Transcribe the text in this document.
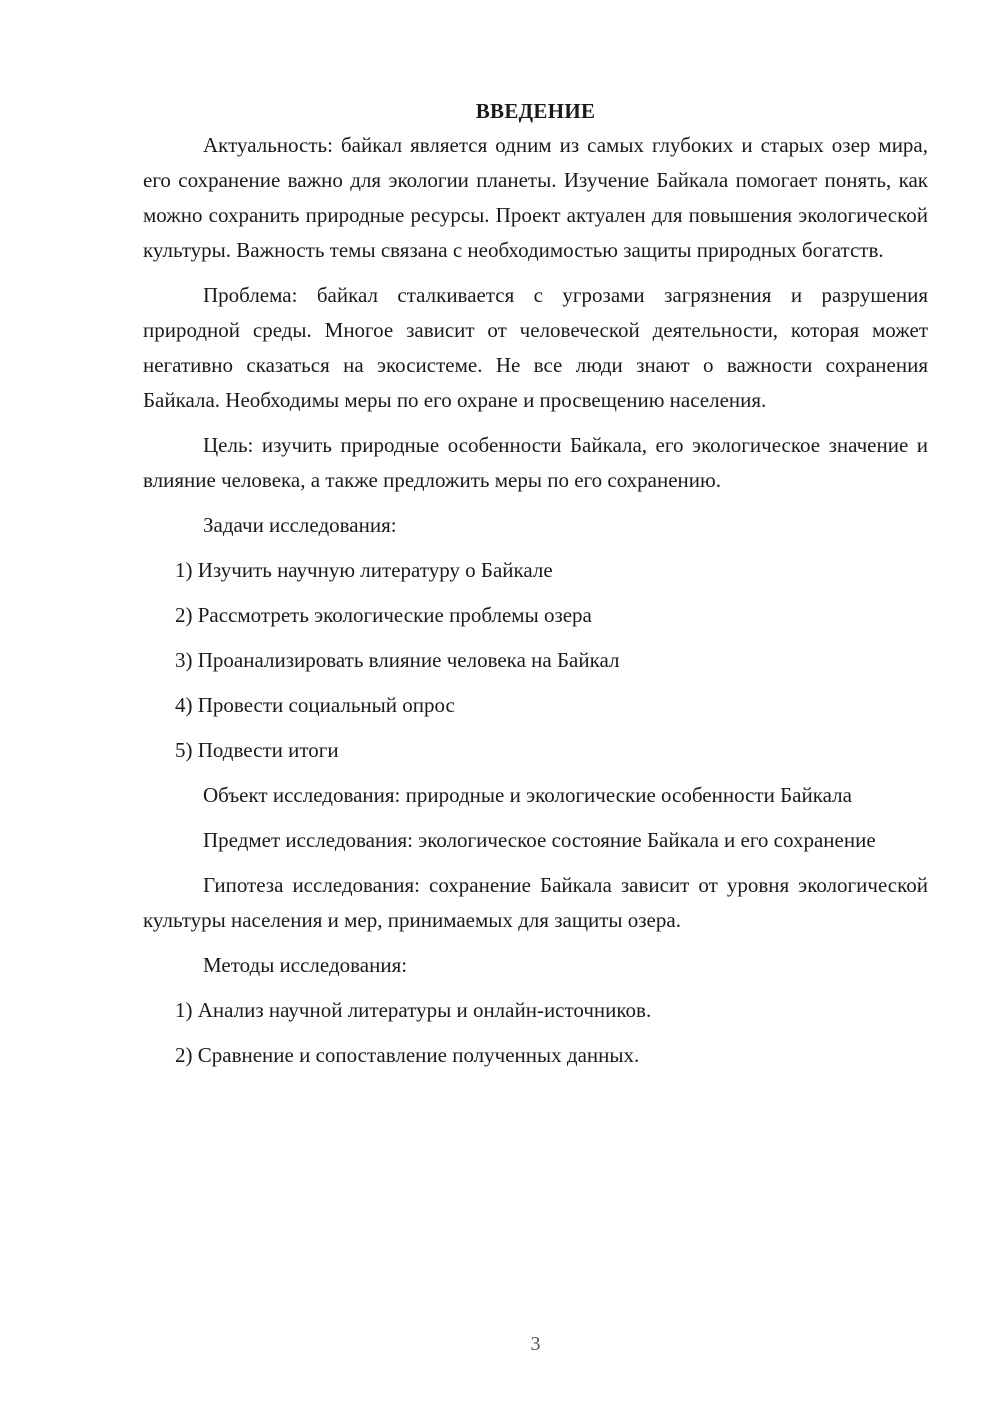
ВВЕДЕНИЕ

Актуальность: байкал является одним из самых глубоких и старых озер мира, его сохранение важно для экологии планеты. Изучение Байкала помогает понять, как можно сохранить природные ресурсы. Проект актуален для повышения экологической культуры. Важность темы связана с необходимостью защиты природных богатств.

Проблема: байкал сталкивается с угрозами загрязнения и разрушения природной среды. Многое зависит от человеческой деятельности, которая может негативно сказаться на экосистеме. Не все люди знают о важности сохранения Байкала. Необходимы меры по его охране и просвещению населения.

Цель: изучить природные особенности Байкала, его экологическое значение и влияние человека, а также предложить меры по его сохранению.

Задачи исследования:

1) Изучить научную литературу о Байкале
2) Рассмотреть экологические проблемы озера
3) Проанализировать влияние человека на Байкал
4) Провести социальный опрос
5) Подвести итоги

Объект исследования: природные и экологические особенности Байкала

Предмет исследования: экологическое состояние Байкала и его сохранение

Гипотеза исследования: сохранение Байкала зависит от уровня экологической культуры населения и мер, принимаемых для защиты озера.

Методы исследования:

1) Анализ научной литературы и онлайн-источников.
2) Сравнение и сопоставление полученных данных.
3
